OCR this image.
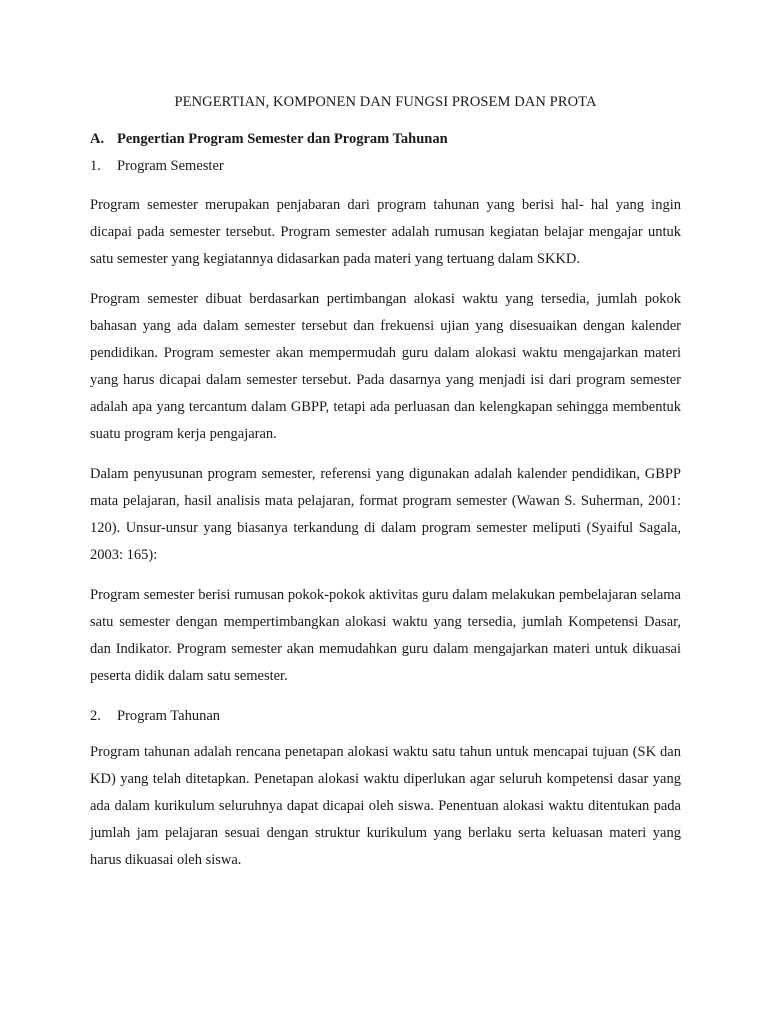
PENGERTIAN, KOMPONEN DAN FUNGSI PROSEM DAN PROTA

A. Pengertian Program Semester dan Program Tahunan

1.	Program Semester

Program semester merupakan penjabaran dari program tahunan yang berisi hal- hal yang ingin dicapai pada semester tersebut. Program semester adalah rumusan kegiatan belajar mengajar untuk satu semester yang kegiatannya didasarkan pada materi yang tertuang dalam SKKD.

Program semester dibuat berdasarkan pertimbangan alokasi waktu yang tersedia, jumlah pokok bahasan yang ada dalam semester tersebut dan frekuensi ujian yang disesuaikan dengan kalender pendidikan. Program semester akan mempermudah guru dalam alokasi waktu mengajarkan materi yang harus dicapai dalam semester tersebut. Pada dasarnya yang menjadi isi dari program semester adalah apa yang tercantum dalam GBPP, tetapi ada perluasan dan kelengkapan sehingga membentuk suatu program kerja pengajaran.

Dalam penyusunan program semester, referensi yang digunakan adalah kalender pendidikan, GBPP mata pelajaran, hasil analisis mata pelajaran, format program semester (Wawan S. Suherman, 2001: 120). Unsur-unsur yang biasanya terkandung di dalam program semester meliputi (Syaiful Sagala, 2003: 165):

Program semester berisi rumusan pokok-pokok aktivitas guru dalam melakukan pembelajaran selama satu semester dengan mempertimbangkan alokasi waktu yang tersedia, jumlah Kompetensi Dasar, dan Indikator. Program semester akan memudahkan guru dalam mengajarkan materi untuk dikuasai peserta didik dalam satu semester.

2.	Program Tahunan

Program tahunan adalah rencana penetapan alokasi waktu satu tahun untuk mencapai tujuan (SK dan KD) yang telah ditetapkan. Penetapan alokasi waktu diperlukan agar seluruh kompetensi dasar yang ada dalam kurikulum seluruhnya dapat dicapai oleh siswa. Penentuan alokasi waktu ditentukan pada jumlah jam pelajaran sesuai dengan struktur kurikulum yang berlaku serta keluasan materi yang harus dikuasai oleh siswa.
